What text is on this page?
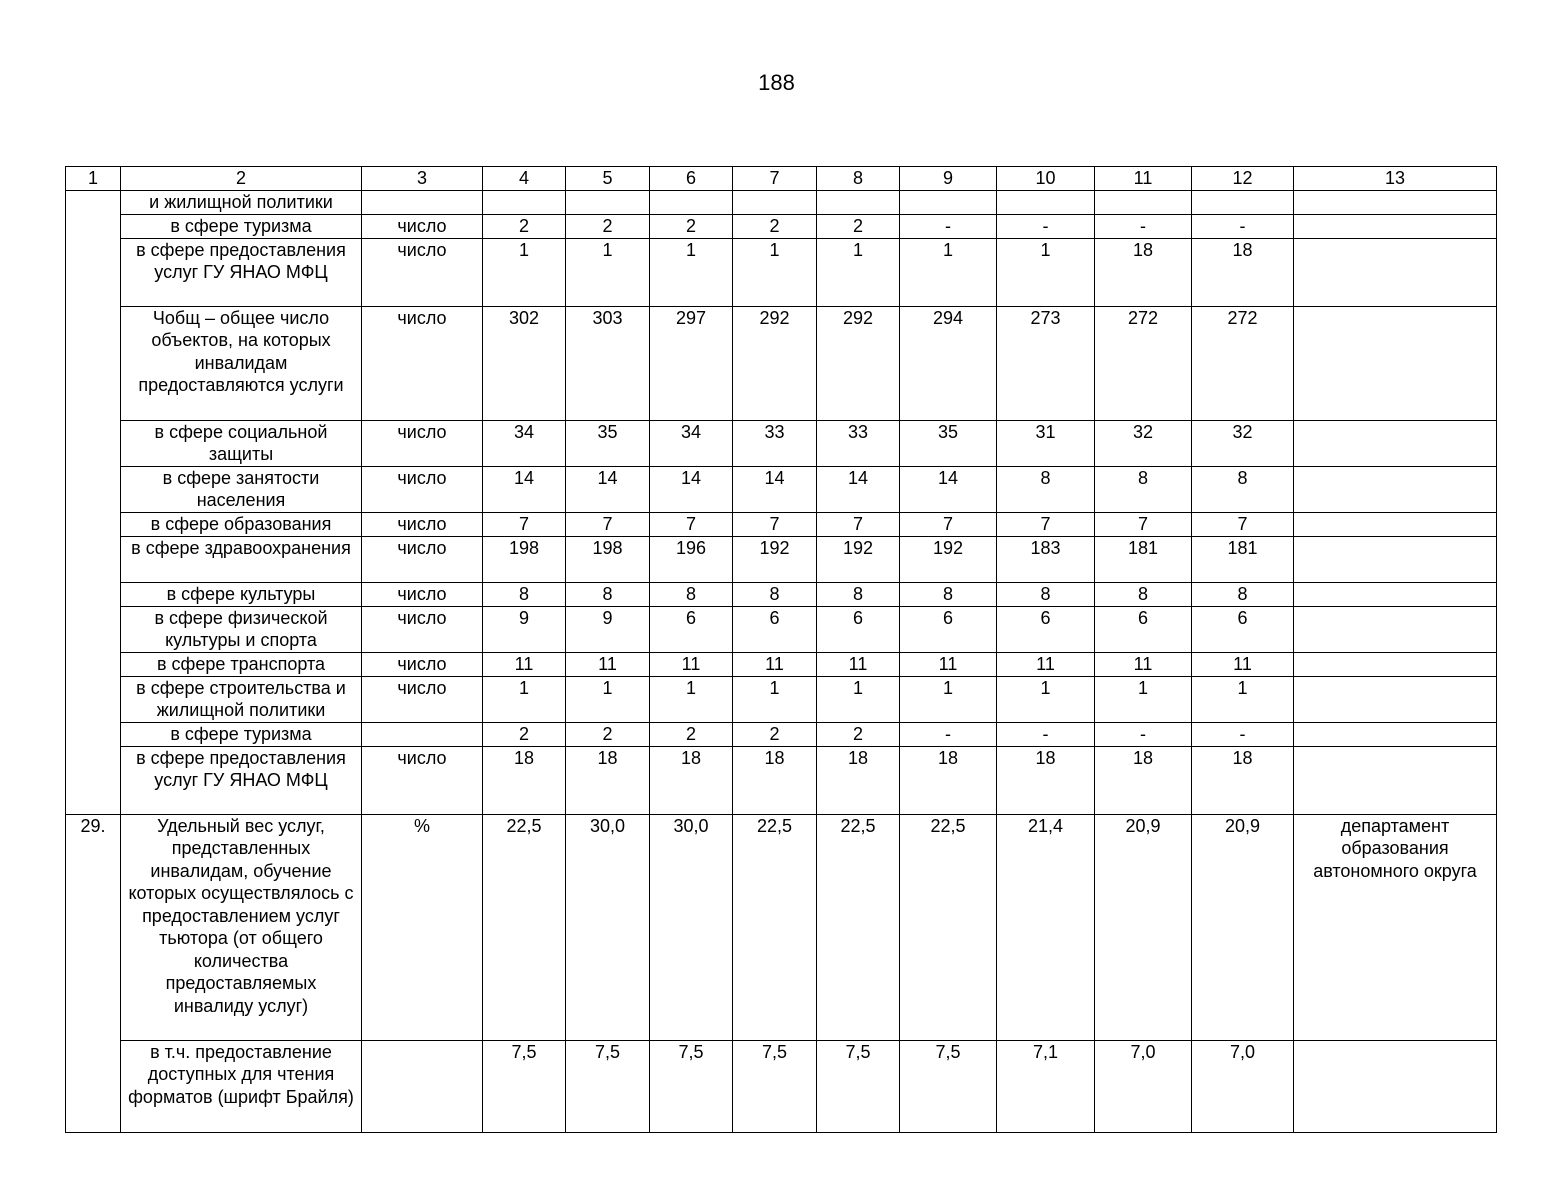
188
1	2	3	4	5	6	7	8	9	10	11	12	13
	и жилищной политики											
	в сфере туризма	число	2	2	2	2	2	-	-	-	-	
	в сфере предоставления услуг ГУ ЯНАО МФЦ	число	1	1	1	1	1	1	1	18	18	
	Чобщ – общее число объектов, на которых инвалидам предоставляются услуги	число	302	303	297	292	292	294	273	272	272	
	в сфере социальной защиты	число	34	35	34	33	33	35	31	32	32	
	в сфере занятости населения	число	14	14	14	14	14	14	8	8	8	
	в сфере образования	число	7	7	7	7	7	7	7	7	7	
	в сфере здравоохранения	число	198	198	196	192	192	192	183	181	181	
	в сфере культуры	число	8	8	8	8	8	8	8	8	8	
	в сфере физической культуры и спорта	число	9	9	6	6	6	6	6	6	6	
	в сфере транспорта	число	11	11	11	11	11	11	11	11	11	
	в сфере строительства и жилищной политики	число	1	1	1	1	1	1	1	1	1	
	в сфере туризма		2	2	2	2	2	-	-	-	-	
	в сфере предоставления услуг ГУ ЯНАО МФЦ	число	18	18	18	18	18	18	18	18	18	
29.	Удельный вес услуг, представленных инвалидам, обучение которых осуществлялось с предоставлением услуг тьютора (от общего количества предоставляемых инвалиду услуг)	%	22,5	30,0	30,0	22,5	22,5	22,5	21,4	20,9	20,9	департамент образования автономного округа
	в т.ч. предоставление доступных для чтения форматов (шрифт Брайля)		7,5	7,5	7,5	7,5	7,5	7,5	7,1	7,0	7,0	
